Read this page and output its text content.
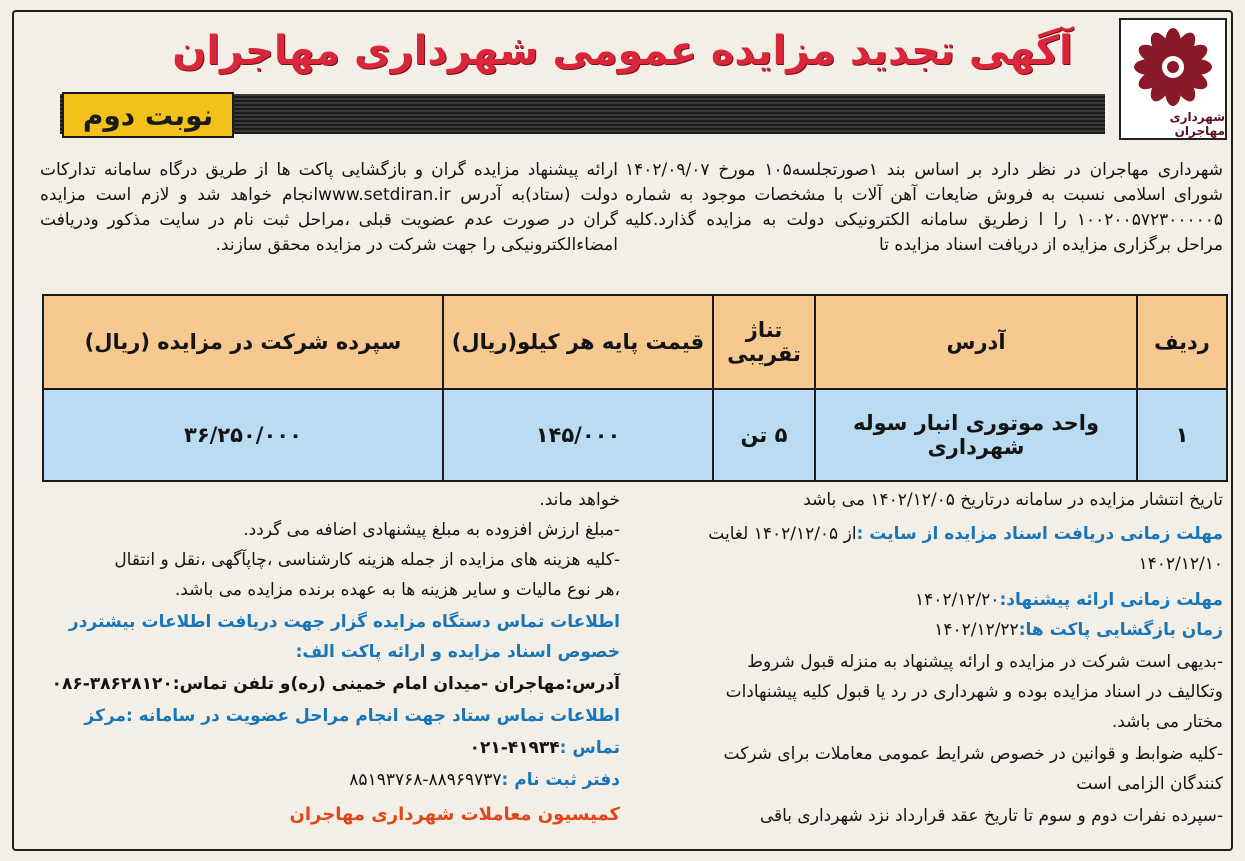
شهرداری مهاجران
آگهی تجدید مزایده عمومی شهرداری مهاجران
نوبت دوم
شهرداری مهاجران در نظر دارد بر اساس بند ۱صورتجلسه۱۰۵ مورخ ۱۴۰۲/۰۹/۰۷ شورای اسلامی نسبت به فروش ضایعات آهن آلات با مشخصات موجود به شماره ۱۰۰۲۰۰۵۷۲۳۰۰۰۰۰۵ را ا زطریق سامانه الکترونیکی دولت به مزایده گذارد.کلیه مراحل برگزاری مزایده از دریافت اسناد مزایده تا
ارائه پیشنهاد مزایده گران و بازگشایی پاکت ها از طریق درگاه سامانه تدارکات دولت (ستاد)به آدرس www.setdiran.irانجام خواهد شد و لازم است مزایده گران در صورت عدم عضویت قبلی ،مراحل ثبت نام در سایت مذکور ودریافت امضاءالکترونیکی را جهت شرکت در مزایده محقق سازند.
ردیف	آدرس	تناژ تقریبی	قیمت پایه هر کیلو(ریال)	سپرده شرکت در مزایده (ریال)
۱	واحد موتوری انبار سوله شهرداری	۵ تن	۱۴۵/۰۰۰	۳۶/۲۵۰/۰۰۰
تاریخ انتشار مزایده در سامانه درتاریخ ۱۴۰۲/۱۲/۰۵ می باشد
مهلت زمانی دریافت اسناد مزایده از سایت :از ۱۴۰۲/۱۲/۰۵ لغایت
۱۴۰۲/۱۲/۱۰
مهلت زمانی ارائه پیشنهاد:۱۴۰۲/۱۲/۲۰
زمان بازگشایی پاکت ها:۱۴۰۲/۱۲/۲۲
-بدیهی است شرکت در مزایده و ارائه پیشنهاد به منزله قبول شروط
وتکالیف در اسناد مزایده بوده و شهرداری در رد یا قبول کلیه پیشنهادات
مختار می باشد.
-کلیه ضوابط و قوانین در خصوص شرایط عمومی معاملات برای شرکت
کنندگان الزامی است
-سپرده نفرات دوم و سوم تا تاریخ عقد قرارداد نزد شهرداری باقی
خواهد ماند.
-مبلغ ارزش افزوده به مبلغ پیشنهادی اضافه می گردد.
-کلیه هزینه های مزایده از جمله هزینه کارشناسی ،چاپآگهی ،نقل و انتقال
،هر نوع مالیات و سایر هزینه ها به عهده برنده مزایده می باشد.
اطلاعات تماس دستگاه مزایده گزار جهت دریافت اطلاعات بیشتردر
خصوص اسناد مزایده و ارائه پاکت الف:
آدرس:مهاجران -میدان امام خمینی (ره)و تلفن تماس:۳۸۶۲۸۱۲۰-۰۸۶
اطلاعات تماس ستاد جهت انجام مراحل عضویت در سامانه :مرکز
تماس :۴۱۹۳۴-۰۲۱
دفتر ثبت نام :۸۸۹۶۹۷۳۷-۸۵۱۹۳۷۶۸
کمیسیون معاملات شهرداری مهاجران
